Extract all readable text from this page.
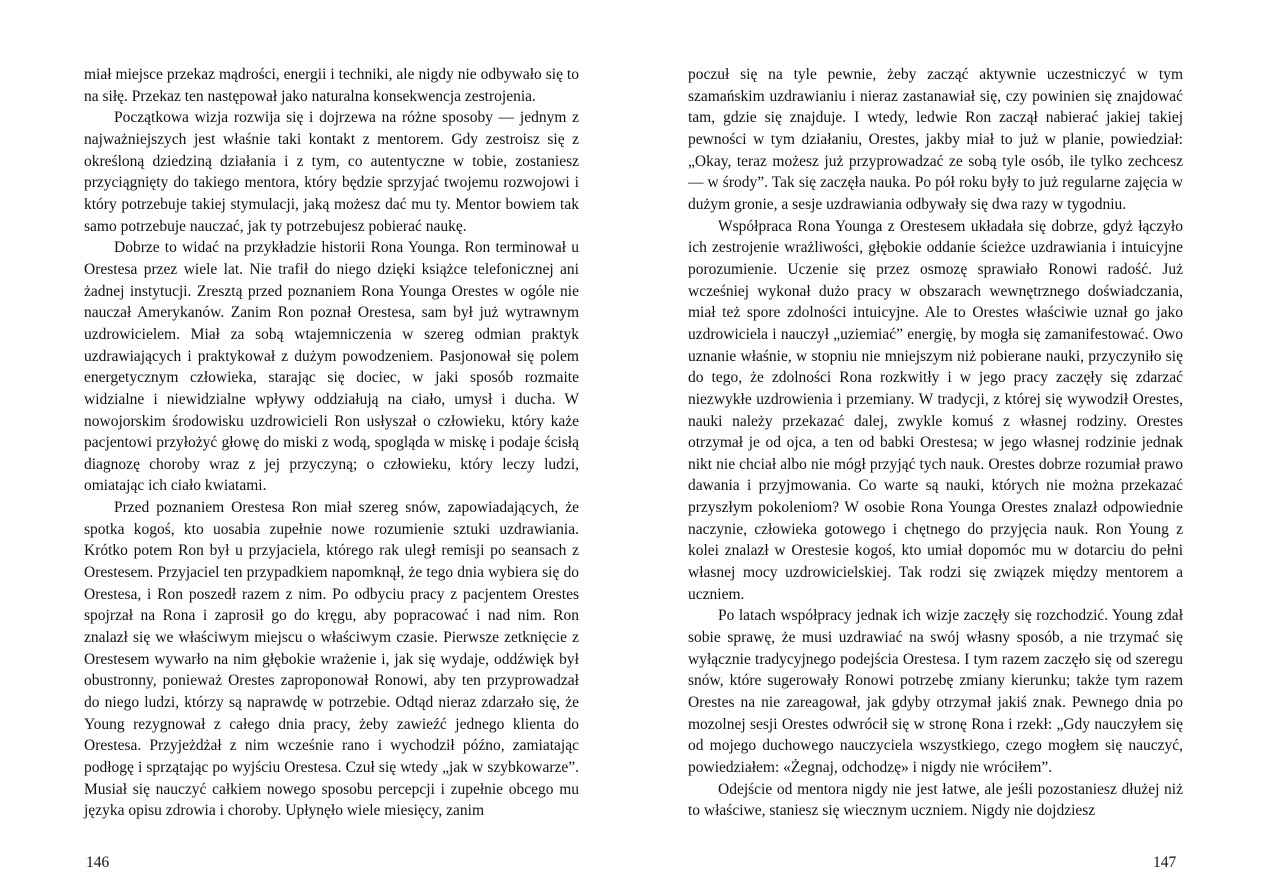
miał miejsce przekaz mądrości, energii i techniki, ale nigdy nie odbywało się to na siłę. Przekaz ten następował jako naturalna konsekwencja zestrojenia.

Początkowa wizja rozwija się i dojrzewa na różne sposoby — jednym z najważniejszych jest właśnie taki kontakt z mentorem. Gdy zestroisz się z określoną dziedziną działania i z tym, co autentyczne w tobie, zostaniesz przyciągnięty do takiego mentora, który będzie sprzyjać twojemu rozwojowi i który potrzebuje takiej stymulacji, jaką możesz dać mu ty. Mentor bowiem tak samo potrzebuje nauczać, jak ty potrzebujesz pobierać naukę.

Dobrze to widać na przykładzie historii Rona Younga. Ron terminował u Orestesa przez wiele lat. Nie trafił do niego dzięki książce telefonicznej ani żadnej instytucji. Zresztą przed poznaniem Rona Younga Orestes w ogóle nie nauczał Amerykanów. Zanim Ron poznał Orestesa, sam był już wytrawnym uzdrowicielem. Miał za sobą wtajemniczenia w szereg odmian praktyk uzdrawiających i praktykował z dużym powodzeniem. Pasjonował się polem energetycznym człowieka, starając się dociec, w jaki sposób rozmaite widzialne i niewidzialne wpływy oddziałują na ciało, umysł i ducha. W nowojorskim środowisku uzdrowicieli Ron usłyszał o człowieku, który każe pacjentowi przyłożyć głowę do miski z wodą, spogląda w miskę i podaje ścisłą diagnozę choroby wraz z jej przyczyną; o człowieku, który leczy ludzi, omiatając ich ciało kwiatami.

Przed poznaniem Orestesa Ron miał szereg snów, zapowiadających, że spotka kogoś, kto uosabia zupełnie nowe rozumienie sztuki uzdrawiania. Krótko potem Ron był u przyjaciela, którego rak uległ remisji po seansach z Orestesem. Przyjaciel ten przypadkiem napomknął, że tego dnia wybiera się do Orestesa, i Ron poszedł razem z nim. Po odbyciu pracy z pacjentem Orestes spojrzał na Rona i zaprosił go do kręgu, aby popracować i nad nim. Ron znalazł się we właściwym miejscu o właściwym czasie. Pierwsze zetknięcie z Orestesem wywarło na nim głębokie wrażenie i, jak się wydaje, oddźwięk był obustronny, ponieważ Orestes zaproponował Ronowi, aby ten przyprowadzał do niego ludzi, którzy są naprawdę w potrzebie. Odtąd nieraz zdarzało się, że Young rezygnował z całego dnia pracy, żeby zawieźć jednego klienta do Orestesa. Przyjeżdżał z nim wcześnie rano i wychodził późno, zamiatając podłogę i sprzątając po wyjściu Orestesa. Czuł się wtedy „jak w szybkowarze”. Musiał się nauczyć całkiem nowego sposobu percepcji i zupełnie obcego mu języka opisu zdrowia i choroby. Upłynęło wiele miesięcy, zanim

146

poczuł się na tyle pewnie, żeby zacząć aktywnie uczestniczyć w tym szamańskim uzdrawianiu i nieraz zastanawiał się, czy powinien się znajdować tam, gdzie się znajduje. I wtedy, ledwie Ron zaczął nabierać jakiej takiej pewności w tym działaniu, Orestes, jakby miał to już w planie, powiedział: „Okay, teraz możesz już przyprowadzać ze sobą tyle osób, ile tylko zechcesz — w środy”. Tak się zaczęła nauka. Po pół roku były to już regularne zajęcia w dużym gronie, a sesje uzdrawiania odbywały się dwa razy w tygodniu.

Współpraca Rona Younga z Orestesem układała się dobrze, gdyż łączyło ich zestrojenie wrażliwości, głębokie oddanie ścieżce uzdrawiania i intuicyjne porozumienie. Uczenie się przez osmozę sprawiało Ronowi radość. Już wcześniej wykonał dużo pracy w obszarach wewnętrznego doświadczania, miał też spore zdolności intuicyjne. Ale to Orestes właściwie uznał go jako uzdrowiciela i nauczył „uziemiać” energię, by mogła się zamanifestować. Owo uznanie właśnie, w stopniu nie mniejszym niż pobierane nauki, przyczyniło się do tego, że zdolności Rona rozkwitły i w jego pracy zaczęły się zdarzać niezwykłe uzdrowienia i przemiany. W tradycji, z której się wywodził Orestes, nauki należy przekazać dalej, zwykle komuś z własnej rodziny. Orestes otrzymał je od ojca, a ten od babki Orestesa; w jego własnej rodzinie jednak nikt nie chciał albo nie mógł przyjąć tych nauk. Orestes dobrze rozumiał prawo dawania i przyjmowania. Co warte są nauki, których nie można przekazać przyszłym pokoleniom? W osobie Rona Younga Orestes znalazł odpowiednie naczynie, człowieka gotowego i chętnego do przyjęcia nauk. Ron Young z kolei znalazł w Orestesie kogoś, kto umiał dopomóc mu w dotarciu do pełni własnej mocy uzdrowicielskiej. Tak rodzi się związek między mentorem a uczniem.

Po latach współpracy jednak ich wizje zaczęły się rozchodzić. Young zdał sobie sprawę, że musi uzdrawiać na swój własny sposób, a nie trzymać się wyłącznie tradycyjnego podejścia Orestesa. I tym razem zaczęło się od szeregu snów, które sugerowały Ronowi potrzebę zmiany kierunku; także tym razem Orestes na nie zareagował, jak gdyby otrzymał jakiś znak. Pewnego dnia po mozolnej sesji Orestes odwrócił się w stronę Rona i rzekł: „Gdy nauczyłem się od mojego duchowego nauczyciela wszystkiego, czego mogłem się nauczyć, powiedziałem: «Żegnaj, odchodzę» i nigdy nie wróciłem”.

Odejście od mentora nigdy nie jest łatwe, ale jeśli pozostaniesz dłużej niż to właściwe, staniesz się wiecznym uczniem. Nigdy nie dojdziesz

147
